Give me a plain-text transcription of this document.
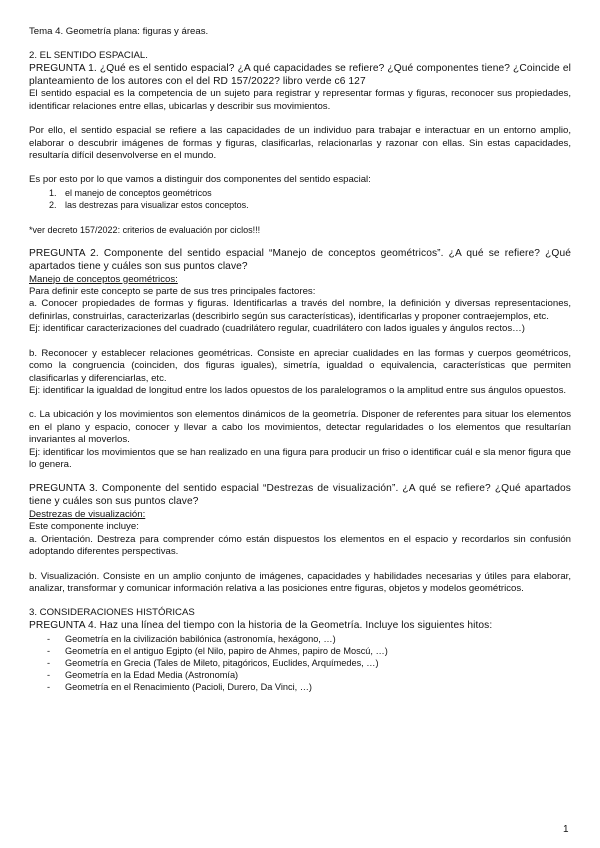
Tema 4. Geometría plana: figuras y áreas.

2. EL SENTIDO ESPACIAL.

PREGUNTA 1. ¿Qué es el sentido espacial? ¿A qué capacidades se refiere? ¿Qué componentes tiene? ¿Coincide el planteamiento de los autores con el del RD 157/2022? libro verde c6 127

El sentido espacial es la competencia de un sujeto para registrar y representar formas y figuras, reconocer sus propiedades, identificar relaciones entre ellas, ubicarlas y describir sus movimientos.

Por ello, el sentido espacial se refiere a las capacidades de un individuo para trabajar e interactuar en un entorno amplio, elaborar o descubrir imágenes de formas y figuras, clasificarlas, relacionarlas y razonar con ellas. Sin estas capacidades, resultaría difícil desenvolverse en el mundo.

Es por esto por lo que vamos a distinguir dos componentes del sentido espacial:

1. el manejo de conceptos geométricos
2. las destrezas para visualizar estos conceptos.

*ver decreto 157/2022: criterios de evaluación por ciclos!!!

PREGUNTA 2. Componente del sentido espacial “Manejo de conceptos geométricos”. ¿A qué se refiere? ¿Qué apartados tiene y cuáles son sus puntos clave?

Manejo de conceptos geométricos:

Para definir este concepto se parte de sus tres principales factores:

a. Conocer propiedades de formas y figuras. Identificarlas a través del nombre, la definición y diversas representaciones, definirlas, construirlas, caracterizarlas (describirlo según sus características), identificarlas y proponer contraejemplos, etc.

Ej: identificar caracterizaciones del cuadrado (cuadrilátero regular, cuadrilátero con lados iguales y ángulos rectos…)

b. Reconocer y establecer relaciones geométricas. Consiste en apreciar cualidades en las formas y cuerpos geométricos, como la congruencia (coinciden, dos figuras iguales), simetría, igualdad o equivalencia, características que permiten clasificarlas y diferenciarlas, etc.

Ej: identificar la igualdad de longitud entre los lados opuestos de los paralelogramos o la amplitud entre sus ángulos opuestos.

c. La ubicación y los movimientos son elementos dinámicos de la geometría. Disponer de referentes para situar los elementos en el plano y espacio, conocer y llevar a cabo los movimientos, detectar regularidades o los elementos que resultarían invariantes al moverlos.

Ej: identificar los movimientos que se han realizado en una figura para producir un friso o identificar cuál e sla menor figura que lo genera.

PREGUNTA 3. Componente del sentido espacial “Destrezas de visualización”. ¿A qué se refiere? ¿Qué apartados tiene y cuáles son sus puntos clave?

Destrezas de visualización:

Este componente incluye:

a. Orientación. Destreza para comprender cómo están dispuestos los elementos en el espacio y recordarlos sin confusión adoptando diferentes perspectivas.

b. Visualización. Consiste en un amplio conjunto de imágenes, capacidades y habilidades necesarias y útiles para elaborar, analizar, transformar y comunicar información relativa a las posiciones entre figuras, objetos y modelos geométricos.

3. CONSIDERACIONES HISTÓRICAS

PREGUNTA 4. Haz una línea del tiempo con la historia de la Geometría. Incluye los siguientes hitos:

- Geometría en la civilización babilónica (astronomía, hexágono, …)
- Geometría en el antiguo Egipto (el Nilo, papiro de Ahmes, papiro de Moscú, …)
- Geometría en Grecia (Tales de Mileto, pitagóricos, Euclides, Arquímedes, …)
- Geometría en la Edad Media (Astronomía)
- Geometría en el Renacimiento (Pacioli, Durero, Da Vinci, …)
1
